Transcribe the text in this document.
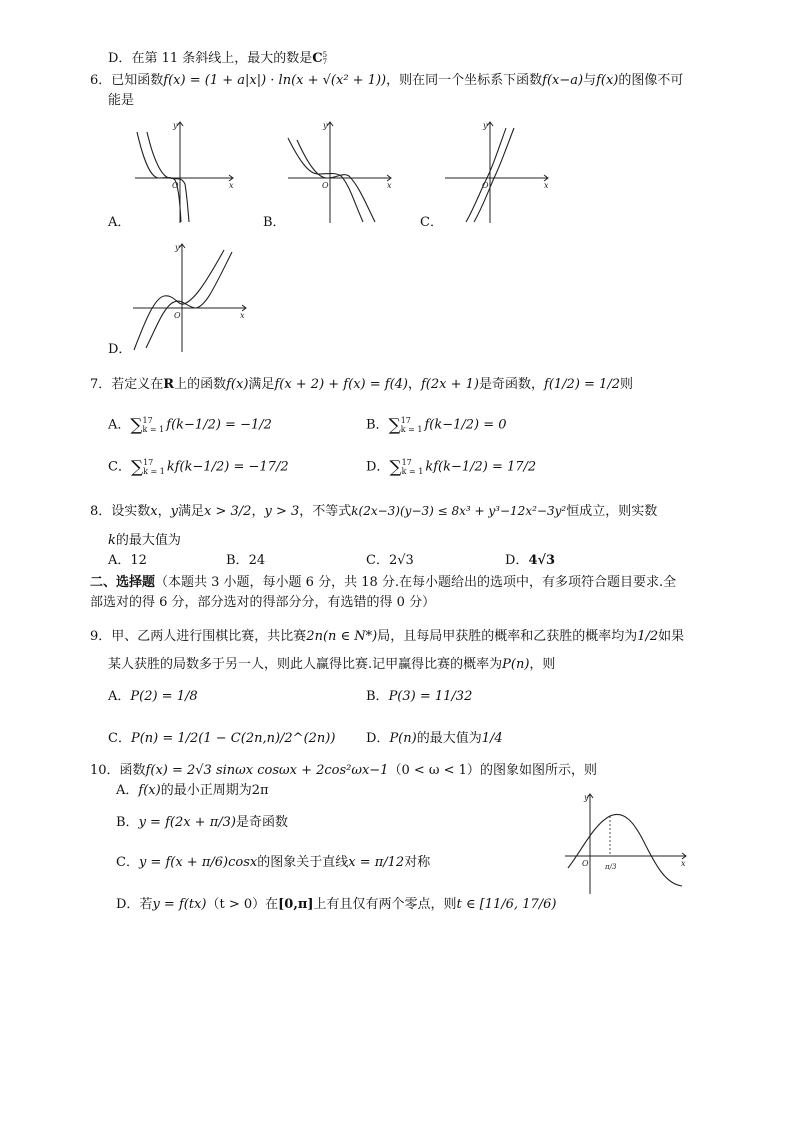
D．在第 11 条斜线上，最大的数是C 5
7
6．已知函数f(x) = (1 + a|x|) · ln(x + √(x² + 1))，则在同一个坐标系下函数f(x−a)与f(x)的图像不可
能是
O	x
y
A．
O	x
y
B．
O	x
y
C．
O	x
y
D．
7．若定义在R上的函数f(x)满足f(x + 2) + f(x) = f(4)，f(2x + 1)是奇函数，f(1/2) = 1/2则
A．∑ 17
k = 1 f(k−1/2) = −1/2	B．∑ 17
k = 1 f(k−1/2) = 0
C．∑ 17
k = 1 kf(k−1/2) = −17/2	D．∑ 17
k = 1 kf(k−1/2) = 17/2
8．设实数x，y满足x > 3/2，y > 3，不等式k(2x−3)(y−3) ≤ 8x³ + y³−12x²−3y²恒成立，则实数
k的最大值为
A．12	B．24	C．2√3	D．4√3
二、选择题（本题共 3 小题，每小题 6 分，共 18 分.在每小题给出的选项中，有多项符合题目要求.全
部选对的得 6 分，部分选对的得部分分，有选错的得 0 分）
9．甲、乙两人进行围棋比赛，共比赛2n(n ∈ N*)局，且每局甲获胜的概率和乙获胜的概率均为1/2如果
某人获胜的局数多于另一人，则此人赢得比赛.记甲赢得比赛的概率为P(n)，则
A．P(2) = 1/8	B．P(3) = 11/32
C．P(n) = 1/2(1 − C(2n,n)/2^(2n)) D．P(n)的最大值为1/4
10．函数f(x) = 2√3 sinωx cosωx + 2cos²ωx−1（0 < ω < 1）的图象如图所示，则
A．f(x)的最小正周期为2π
B．y = f(2x + π/3)是奇函数
C．y = f(x + π/6)cosx的图象关于直线x = π/12对称
D．若y = f(tx)（t > 0）在[0,π]上有且仅有两个零点，则t ∈ [11/6, 17/6)
O	x
y
π/3
